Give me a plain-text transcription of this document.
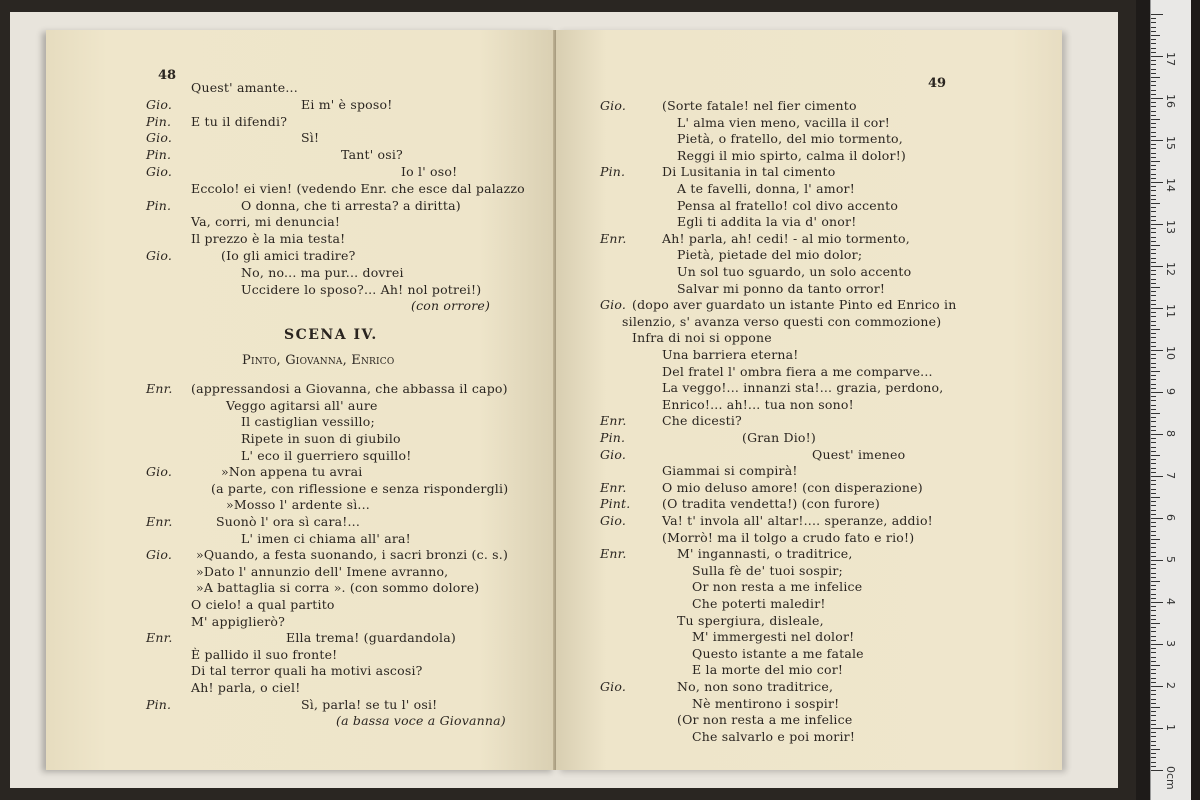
48
Quest' amante...
Gio.	Ei m' è sposo!
Pin. E tu il difendi?
Gio.	Sì!
Pin.	Tant' osi?
Gio.	Io l' oso!
Eccolo! ei vien! (vedendo Enr. che esce dal palazzo
Pin.	O donna, che ti arresta? a diritta)
Va, corri, mi denuncia!
Il prezzo è la mia testa!
Gio.	(Io gli amici tradire?
No, no... ma pur... dovrei
Uccidere lo sposo?... Ah! nol potrei!)
(con orrore)
SCENA IV.
Pinto, Giovanna, Enrico
Enr. (appressandosi a Giovanna, che abbassa il capo)
Veggo agitarsi all' aure
Il castiglian vessillo;
Ripete in suon di giubilo
L' eco il guerriero squillo!
Gio.	»Non appena tu avrai
(a parte, con riflessione e senza rispondergli)
»Mosso l' ardente sì...
Enr.	Suonò l' ora sì cara!...
L' imen ci chiama all' ara!
Gio. »Quando, a festa suonando, i sacri bronzi (c. s.)
»Dato l' annunzio dell' Imene avranno,
»A battaglia si corra ». (con sommo dolore)
O cielo! a qual partito
M' appiglierò?
Enr.	Ella trema! (guardandola)
È pallido il suo fronte!
Di tal terror quali ha motivi ascosi?
Ah! parla, o ciel!
Pin.	Sì, parla! se tu l' osi!
(a bassa voce a Giovanna)
49
Gio.	(Sorte fatale! nel fier cimento
L' alma vien meno, vacilla il cor!
Pietà, o fratello, del mio tormento,
Reggi il mio spirto, calma il dolor!)
Pin.	Di Lusitania in tal cimento
A te favelli, donna, l' amor!
Pensa al fratello! col divo accento
Egli ti addita la via d' onor!
Enr.	Ah! parla, ah! cedi! - al mio tormento,
Pietà, pietade del mio dolor;
Un sol tuo sguardo, un solo accento
Salvar mi ponno da tanto orror!
Gio. (dopo aver guardato un istante Pinto ed Enrico in
silenzio, s' avanza verso questi con commozione)
Infra di noi si oppone
Una barriera eterna!
Del fratel l' ombra fiera a me comparve...
La veggo!... innanzi sta!... grazia, perdono,
Enrico!... ah!... tua non sono!
Enr.	Che dicesti?
Pin.	(Gran Dio!)
Gio.	Quest' imeneo
Giammai si compirà!
Enr.	O mio deluso amore! (con disperazione)
Pint.	(O tradita vendetta!) (con furore)
Gio.	Va! t' invola all' altar!.... speranze, addio!
(Morrò! ma il tolgo a crudo fato e rio!)
Enr.	M' ingannasti, o traditrice,
Sulla fè de' tuoi sospir;
Or non resta a me infelice
Che poterti maledir!
Tu spergiura, disleale,
M' immergesti nel dolor!
Questo istante a me fatale
E la morte del mio cor!
Gio.	No, non sono traditrice,
Nè mentirono i sospir!
(Or non resta a me infelice
Che salvarlo e poi morir!
0cm
1
2
3
4
5
6
7
8
9
10
11
12
13
14
15
16
17
